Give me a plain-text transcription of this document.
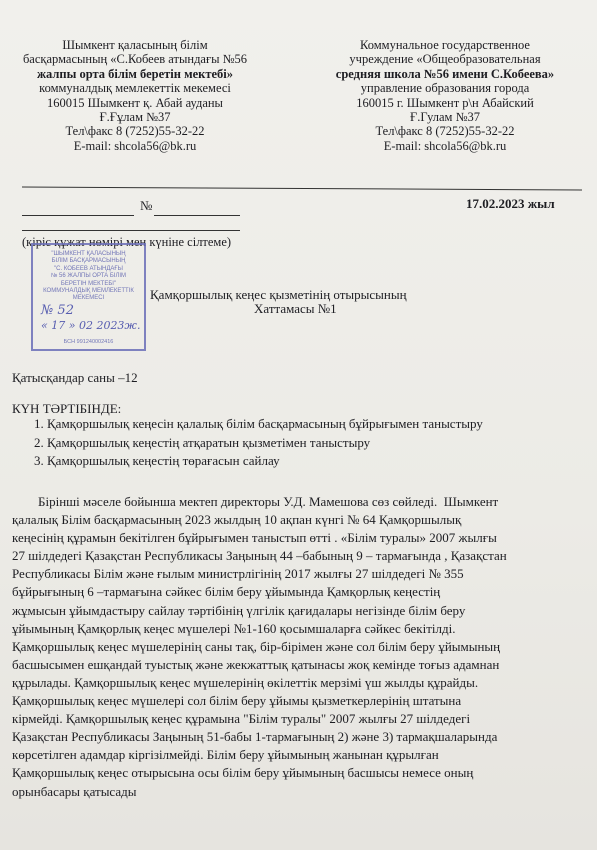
Шымкент қаласының білім
басқармасының «С.Кобеев атындағы №56
жалпы орта білім беретін мектебі»
коммуналдық мемлекеттік мекемесі
160015 Шымкент қ. Абай ауданы
Ғ.Ғұлам №37
Тел\факс 8 (7252)55-32-22
E-mail: shcola56@bk.ru
Коммунальное государственное
учреждение «Общеобразовательная
средняя школа №56 имени С.Кобеева»
управление образования города
160015 г. Шымкент р\н Абайский
Ғ.Гулам №37
Тел\факс 8 (7252)55-32-22
E-mail: shcola56@bk.ru
№	17.02.2023 жыл
(кіріс құжат нөмірі мен күніне сілтеме)
"ШЫМКЕНТ ҚАЛАСЫНЫҢ
БІЛІМ БАСҚАРМАСЫНЫҢ
"С. КОБЕЕВ АТЫНДАҒЫ
№ 56 ЖАЛПЫ ОРТА БІЛІМ
БЕРЕТІН МЕКТЕБІ"
КОММУНАЛДЫҚ МЕМЛЕКЕТТІК
МЕКЕМЕСІ
№ 52
« 17 » 02 2023ж.
БСН 991240002416
Қамқоршылық кеңес қызметінің отырысының
Хаттамасы №1
Қатысқандар саны –12
КҮН ТӘРТІБІНДЕ:
1. Қамқоршылық кеңесін қалалық білім басқармасының бұйрығымен таныстыру
2. Қамқоршылық кеңестің атқаратын қызметімен таныстыру
3. Қамқоршылық кеңестің төрағасын сайлау
Бірінші мәселе бойынша мектеп директоры У.Д. Мамешова сөз сөйледі.  Шымкент
қалалық Білім басқармасының 2023 жылдың 10 ақпан күнгі № 64 Қамқоршылық
кеңесінің құрамын бекітілген бұйрығымен таныстып өтті . «Білім туралы» 2007 жылғы
27 шілдедегі Қазақстан Республикасы Заңының 44 –бабының 9 – тармағында , Қазақстан
Республикасы Білім және ғылым министрлігінің 2017 жылғы 27 шілдедегі № 355
бұйрығының 6 –тармағына сәйкес білім беру ұйымында Қамқорлық кеңестің
жұмысын ұйымдастыру сайлау тәртібінің үлгілік қағидалары негізінде білім беру
ұйымының Қамқорлық кеңес мүшелері №1-160 қосымшаларға сәйкес бекітілді.
Қамқоршылық кеңес мүшелерінің саны тақ, бір-бірімен және сол білім беру ұйымының
басшысымен ешқандай туыстық және жекжаттық қатынасы жоқ кемінде тоғыз адамнан
құрылады. Қамқоршылық кеңес мүшелерінің өкілеттік мерзімі үш жылды құрайды.
Қамқоршылық кеңес мүшелері сол білім беру ұйымы қызметкерлерінің штатына
кірмейді. Қамқоршылық кеңес құрамына "Білім туралы" 2007 жылғы 27 шілдедегі
Қазақстан Республикасы Заңының 51-бабы 1-тармағының 2) және 3) тармақшаларында
көрсетілген адамдар кіргізілмейді. Білім беру ұйымының жанынан құрылған
Қамқоршылық кеңес отырысына осы білім беру ұйымының басшысы немесе оның
орынбасары қатысады
